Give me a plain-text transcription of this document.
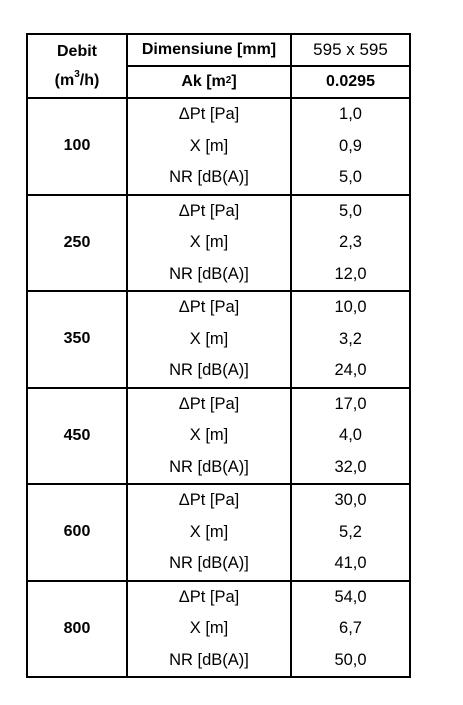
Debit
$(m^3/h)$
Dimensiune [mm]	595 x 595
Ak [$m^2$ ]	0.0295
100
ΔPt [Pa]	1,0
X [m]	0,9
NR [dB(A)]	5,0
250
ΔPt [Pa]	5,0
X [m]	2,3
NR [dB(A)]	12,0
350
ΔPt [Pa]	10,0
X [m]	3,2
NR [dB(A)]	24,0
450
ΔPt [Pa]	17,0
X [m]	4,0
NR [dB(A)]	32,0
600
ΔPt [Pa]	30,0
X [m]	5,2
NR [dB(A)]	41,0
800
ΔPt [Pa]	54,0
X [m]	6,7
NR [dB(A)]	50,0
